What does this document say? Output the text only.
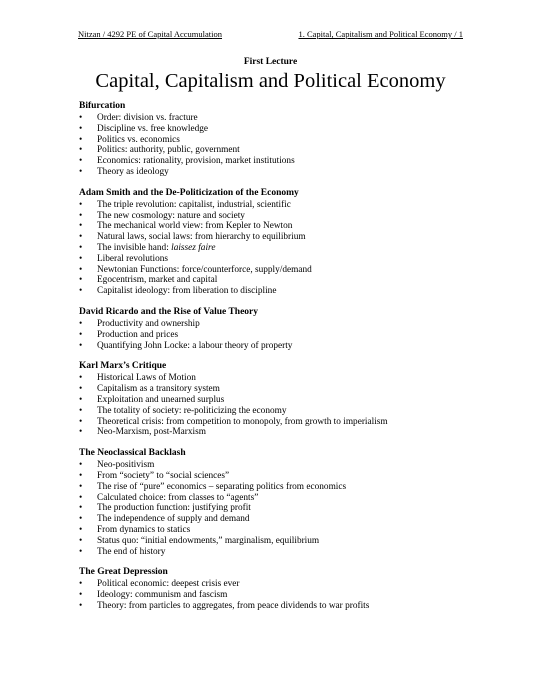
Nitzan / 4292 PE of Capital Accumulation	1. Capital, Capitalism and Political Economy / 1
First Lecture
Capital, Capitalism and Political Economy
Bifurcation
• Order: division vs. fracture
• Discipline vs. free knowledge
• Politics vs. economics
• Politics: authority, public, government
• Economics: rationality, provision, market institutions
• Theory as ideology
Adam Smith and the De-Politicization of the Economy
• The triple revolution: capitalist, industrial, scientific
• The new cosmology: nature and society
• The mechanical world view: from Kepler to Newton
• Natural laws, social laws: from hierarchy to equilibrium
• The invisible hand: laissez faire
• Liberal revolutions
• Newtonian Functions: force/counterforce, supply/demand
• Egocentrism, market and capital
• Capitalist ideology: from liberation to discipline
David Ricardo and the Rise of Value Theory
• Productivity and ownership
• Production and prices
• Quantifying John Locke: a labour theory of property
Karl Marx’s Critique
• Historical Laws of Motion
• Capitalism as a transitory system
• Exploitation and unearned surplus
• The totality of society: re-politicizing the economy
• Theoretical crisis: from competition to monopoly, from growth to imperialism
• Neo-Marxism, post-Marxism
The Neoclassical Backlash
• Neo-positivism
• From “society” to “social sciences”
• The rise of “pure” economics – separating politics from economics
• Calculated choice: from classes to “agents”
• The production function: justifying profit
• The independence of supply and demand
• From dynamics to statics
• Status quo: “initial endowments,” marginalism, equilibrium
• The end of history
The Great Depression
• Political economic: deepest crisis ever
• Ideology: communism and fascism
• Theory: from particles to aggregates, from peace dividends to war profits
